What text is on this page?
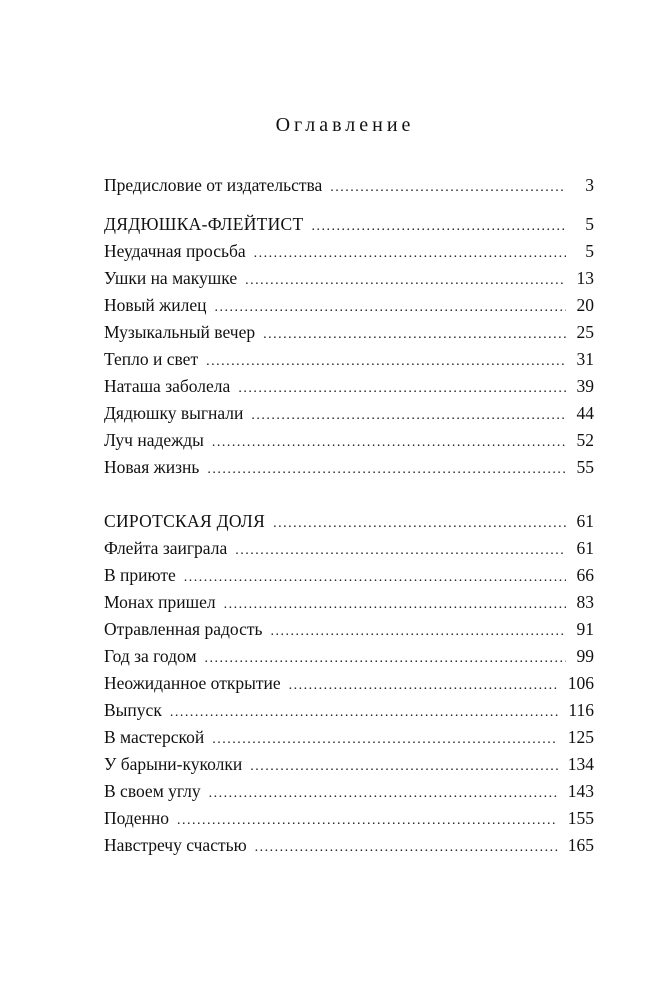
Оглавление
Предисловие от издательства .....	3
ДЯДЮШКА-ФЛЕЙТИСТ .....	5
Неудачная просьба .....	5
Ушки на макушке .....	13
Новый жилец .....	20
Музыкальный вечер .....	25
Тепло и свет .....	31
Наташа заболела .....	39
Дядюшку выгнали .....	44
Луч надежды .....	52
Новая жизнь .....	55
СИРОТСКАЯ ДОЛЯ .....	61
Флейта заиграла .....	61
В приюте .....	66
Монах пришел .....	83
Отравленная радость .....	91
Год за годом .....	99
Неожиданное открытие .....	106
Выпуск .....	116
В мастерской .....	125
У барыни-куколки .....	134
В своем углу .....	143
Поденно .....	155
Навстречу счастью .....	165
